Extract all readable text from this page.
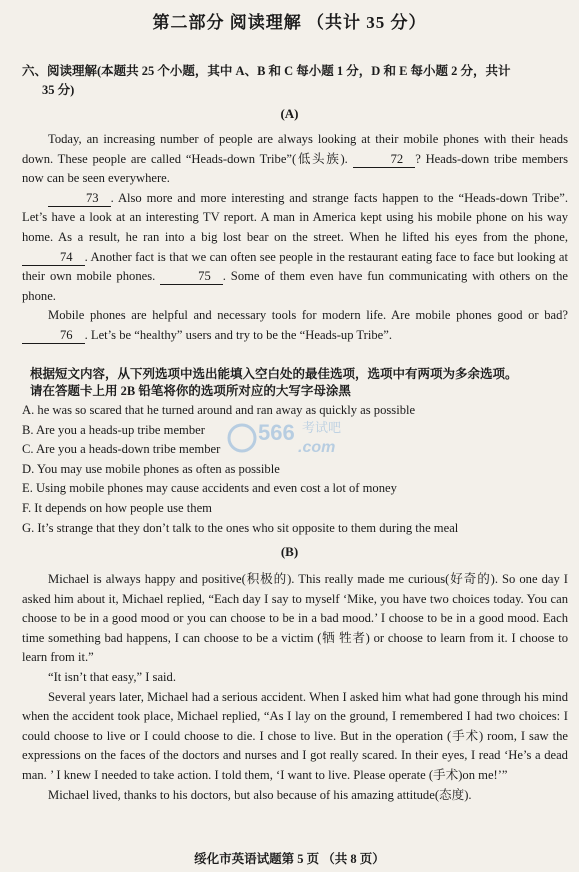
第二部分 阅读理解 （共计 35 分）
六、阅读理解(本题共 25 个小题，其中 A、B 和 C 每小题 1 分，D 和 E 每小题 2 分，共计
35 分)
(A)

Today, an increasing number of people are always looking at their mobile phones with their heads down. These people are called “Heads-down Tribe”(低头族).	72 ? Heads-down tribe members now can be seen everywhere.

73 . Also more and more interesting and strange facts happen to the “Heads-down Tribe”. Let’s have a look at an interesting TV report. A man in America kept using his mobile phone on his way home. As a result, he ran into a big lost bear on the street. When he lifted his eyes from the phone, 74 . Another fact is that we can often see people in the restaurant eating face to face but looking at their own mobile phones.	75 . Some of them even have fun communicating with others on the phone.

Mobile phones are helpful and necessary tools for modern life. Are mobile phones good or bad? 76 . Let’s be “healthy” users and try to be the “Heads-up Tribe”.

根据短文内容，从下列选项中选出能填入空白处的最佳选项，选项中有两项为多余选项。
请在答题卡上用 2B 铅笔将你的选项所对应的大写字母涂黑
A. he was so scared that he turned around and ran away as quickly as possible
B. Are you a heads-up tribe member
C. Are you a heads-down tribe member
D. You may use mobile phones as often as possible
E. Using mobile phones may cause accidents and even cost a lot of money
F. It depends on how people use them
G. It’s strange that they don’t talk to the ones who sit opposite to them during the meal
566 考试吧
.com
(B)

Michael is always happy and positive(积极的). This really made me curious(好奇的). So one day I asked him about it, Michael replied, “Each day I say to myself ‘Mike, you have two choices today. You can choose to be in a good mood or you can choose to be in a bad mood.’ I choose to be in a good mood. Each time something bad happens, I can choose to be a victim (牺 牲者) or choose to learn from it. I choose to learn from it.”

“It isn’t that easy,” I said.

Several years later, Michael had a serious accident. When I asked him what had gone through his mind when the accident took place, Michael replied, “As I lay on the ground, I remembered I had two choices: I could choose to live or I could choose to die. I chose to live. But in the operation (手术) room, I saw the expressions on the faces of the doctors and nurses and I got really scared. In their eyes, I read ‘He’s a dead man. ’ I knew I needed to take action. I told them, ‘I want to live. Please operate (手术)on me!’”

Michael lived, thanks to his doctors, but also because of his amazing attitude(态度).

绥化市英语试题第 5 页 （共 8 页）
